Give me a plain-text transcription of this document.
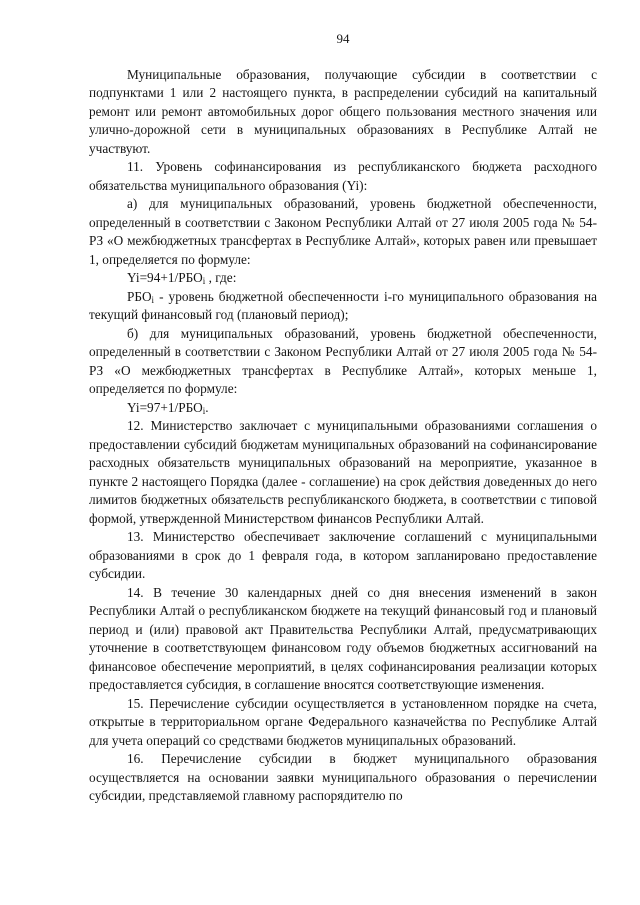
94

Муниципальные образования, получающие субсидии в соответствии с подпунктами 1 или 2 настоящего пункта, в распределении субсидий на капитальный ремонт или ремонт автомобильных дорог общего пользования местного значения или улично-дорожной сети в муниципальных образованиях в Республике Алтай не участвуют.

11. Уровень софинансирования из республиканского бюджета расходного обязательства муниципального образования (Yi):

а) для муниципальных образований, уровень бюджетной обеспеченности, определенный в соответствии с Законом Республики Алтай от 27 июля 2005 года № 54-РЗ «О межбюджетных трансфертах в Республике Алтай», которых равен или превышает 1, определяется по формуле:

$Yi=94+1/РБО_i$ , где:

$РБО_i$ - уровень бюджетной обеспеченности i-го муниципального образования на текущий финансовый год (плановый период);

б) для муниципальных образований, уровень бюджетной обеспеченности, определенный в соответствии с Законом Республики Алтай от 27 июля 2005 года № 54-РЗ «О межбюджетных трансфертах в Республике Алтай», которых меньше 1, определяется по формуле:

$Yi=97+1/РБО_i$.

12. Министерство заключает с муниципальными образованиями соглашения о предоставлении субсидий бюджетам муниципальных образований на софинансирование расходных обязательств муниципальных образований на мероприятие, указанное в пункте 2 настоящего Порядка (далее - соглашение) на срок действия доведенных до него лимитов бюджетных обязательств республиканского бюджета, в соответствии с типовой формой, утвержденной Министерством финансов Республики Алтай.

13. Министерство обеспечивает заключение соглашений с муниципальными образованиями в срок до 1 февраля года, в котором запланировано предоставление субсидии.

14. В течение 30 календарных дней со дня внесения изменений в закон Республики Алтай о республиканском бюджете на текущий финансовый год и плановый период и (или) правовой акт Правительства Республики Алтай, предусматривающих уточнение в соответствующем финансовом году объемов бюджетных ассигнований на финансовое обеспечение мероприятий, в целях софинансирования реализации которых предоставляется субсидия, в соглашение вносятся соответствующие изменения.

15. Перечисление субсидии осуществляется в установленном порядке на счета, открытые в территориальном органе Федерального казначейства по Республике Алтай для учета операций со средствами бюджетов муниципальных образований.

16. Перечисление субсидии в бюджет муниципального образования осуществляется на основании заявки муниципального образования о перечислении субсидии, представляемой главному распорядителю по
